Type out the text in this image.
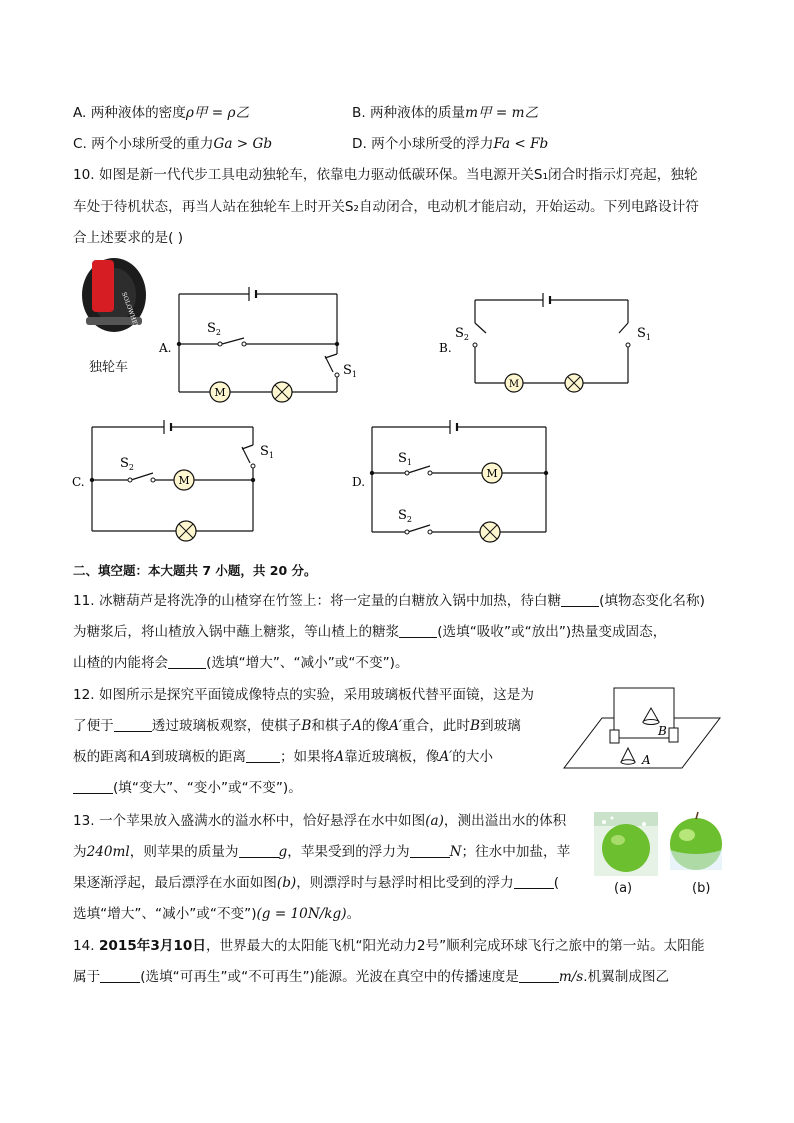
A. 两种液体的密度ρ甲 = ρ乙	B. 两种液体的质量m甲 = m乙
C. 两个小球所受的重力Ga > Gb	D. 两个小球所受的浮力Fa < Fb
10. 如图是新一代代步工具电动独轮车，依靠电力驱动低碳环保。当电源开关S₁闭合时指示灯亮起，独轮
车处于待机状态，再当人站在独轮车上时开关S₂自动闭合，电动机才能启动，开始运动。下列电路设计符
合上述要求的是( )
SOLOWHEEL
独轮车
M
$S_2$
$S_1$
A.
M
$S_2$	$S_1$
B.
M
$S_2$
$S_1$
C.
M
$S_1$
$S_2$
D.
二、填空题：本大题共 7 小题，共 20 分。
11. 冰糖葫芦是将洗净的山楂穿在竹签上：将一定量的白糖放入锅中加热，待白糖	(填物态变化名称)
为糖浆后，将山楂放入锅中蘸上糖浆，等山楂上的糖浆	(选填“吸收”或“放出”)热量变成固态，
山楂的内能将会	(选填“增大”、“减小”或“不变”)。
12. 如图所示是探究平面镜成像特点的实验，采用玻璃板代替平面镜，这是为
了便于	透过玻璃板观察，使棋子B和棋子A的像A′重合，此时B到玻璃
板的距离和A到玻璃板的距离	；如果将A靠近玻璃板，像A′的大小
(填“变大”、“变小”或“不变”)。
B
A
13. 一个苹果放入盛满水的溢水杯中，恰好悬浮在水中如图(a)，测出溢出水的体积
为240ml，则苹果的质量为	g，苹果受到的浮力为	N；往水中加盐，苹
果逐渐浮起，最后漂浮在水面如图(b)，则漂浮时与悬浮时相比受到的浮力	(
选填“增大”、“减小”或“不变”)(g = 10N/kg)。
(a)	(b)
14. 2015年3月10日，世界最大的太阳能飞机“阳光动力2号”顺利完成环球飞行之旅中的第一站。太阳能
属于	(选填“可再生”或“不可再生”)能源。光波在真空中的传播速度是	m/s.机翼制成图乙
